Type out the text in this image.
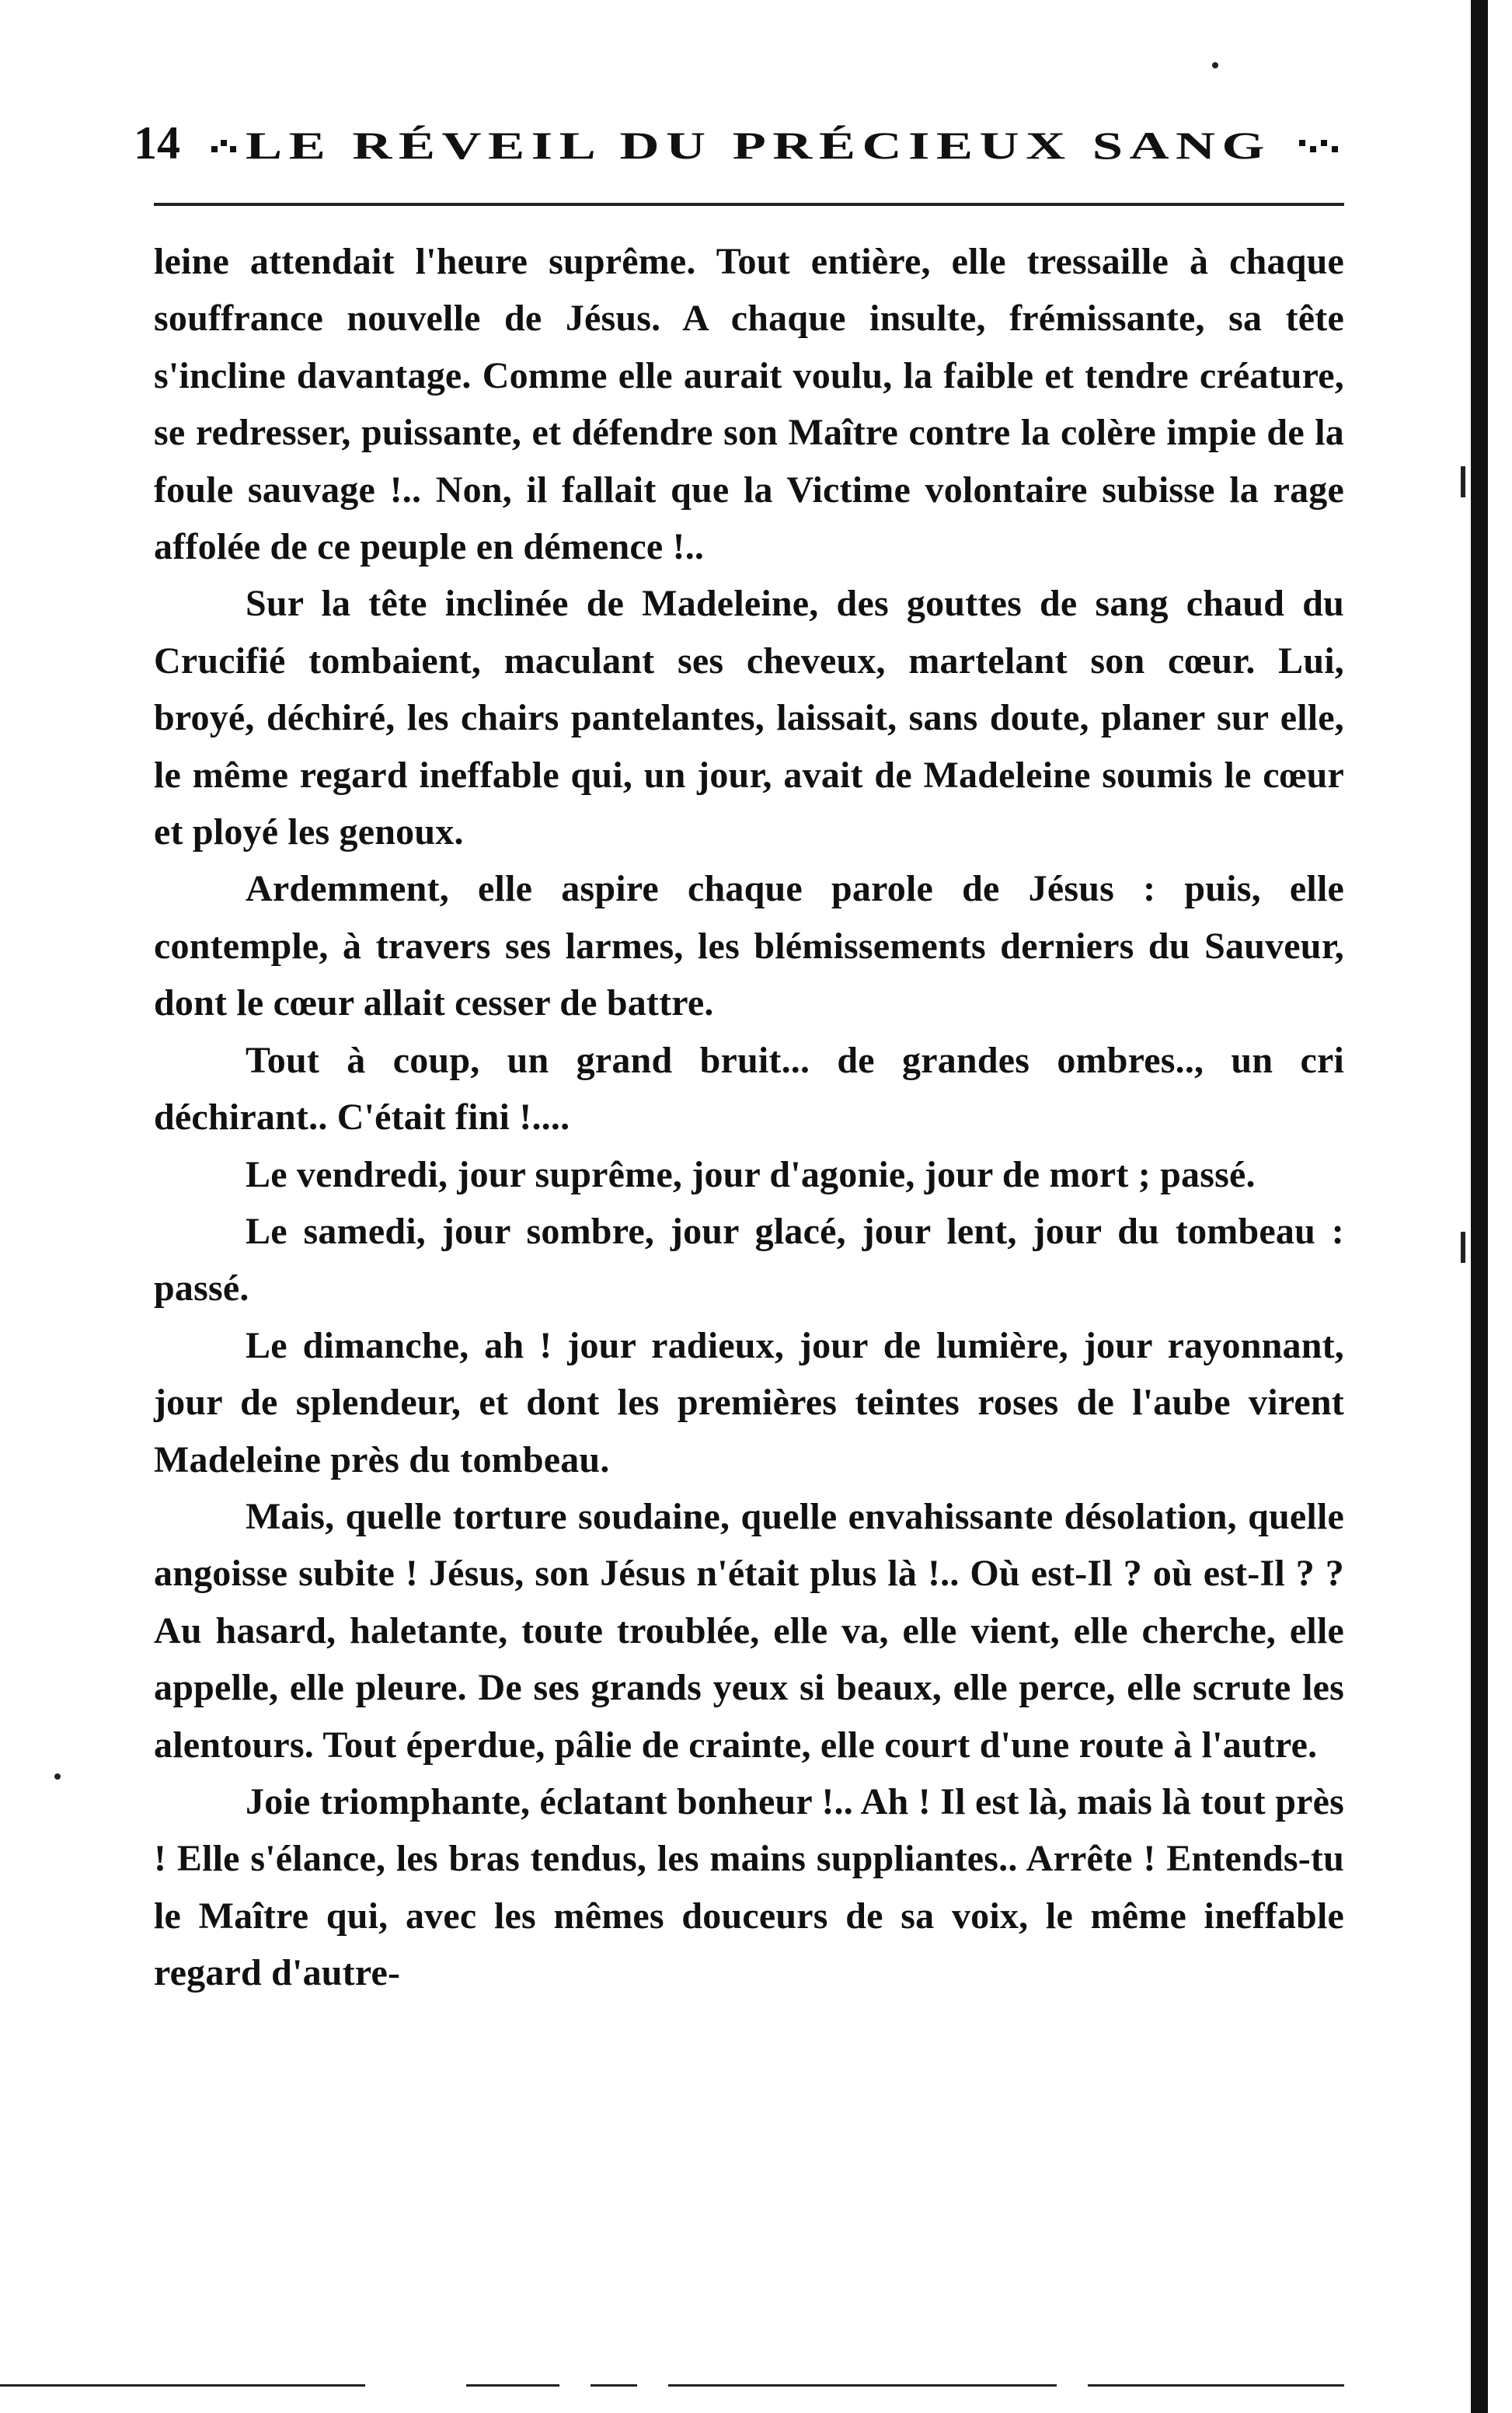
14 LE RÉVEIL DU PRÉCIEUX SANG

leine attendait l'heure suprême. Tout entière, elle tressaille à chaque souffrance nouvelle de Jésus. A chaque insulte, frémissante, sa tête s'incline davantage. Comme elle aurait voulu, la faible et tendre créature, se redresser, puissante, et défendre son Maître contre la colère impie de la foule sauvage !.. Non, il fallait que la Victime volontaire subisse la rage affolée de ce peuple en démence !..

Sur la tête inclinée de Madeleine, des gouttes de sang chaud du Crucifié tombaient, maculant ses cheveux, martelant son cœur. Lui, broyé, déchiré, les chairs pantelantes, laissait, sans doute, planer sur elle, le même regard ineffable qui, un jour, avait de Madeleine soumis le cœur et ployé les genoux.

Ardemment, elle aspire chaque parole de Jésus : puis, elle contemple, à travers ses larmes, les blémissements derniers du Sauveur, dont le cœur allait cesser de battre.

Tout à coup, un grand bruit... de grandes ombres.., un cri déchirant.. C'était fini !....

Le vendredi, jour suprême, jour d'agonie, jour de mort ; passé.

Le samedi, jour sombre, jour glacé, jour lent, jour du tombeau : passé.

Le dimanche, ah ! jour radieux, jour de lumière, jour rayonnant, jour de splendeur, et dont les premières teintes roses de l'aube virent Madeleine près du tombeau.

Mais, quelle torture soudaine, quelle envahissante désolation, quelle angoisse subite ! Jésus, son Jésus n'était plus là !.. Où est-Il ? où est-Il ? ? Au hasard, haletante, toute troublée, elle va, elle vient, elle cherche, elle appelle, elle pleure. De ses grands yeux si beaux, elle perce, elle scrute les alentours. Tout éperdue, pâlie de crainte, elle court d'une route à l'autre.

Joie triomphante, éclatant bonheur !.. Ah ! Il est là, mais là tout près ! Elle s'élance, les bras tendus, les mains suppliantes.. Arrête ! Entends-tu le Maître qui, avec les mêmes douceurs de sa voix, le même ineffable regard d'autre-
